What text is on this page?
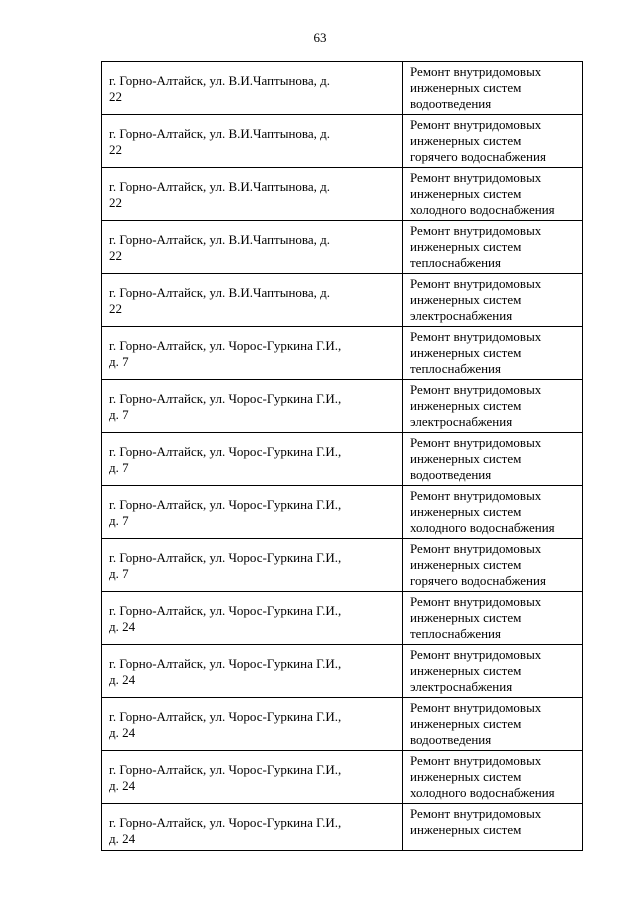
63
г. Горно-Алтайск, ул. В.И.Чаптынова, д.
22	Ремонт внутридомовых
инженерных систем
водоотведения

г. Горно-Алтайск, ул. В.И.Чаптынова, д.
22	Ремонт внутридомовых
инженерных систем
горячего водоснабжения

г. Горно-Алтайск, ул. В.И.Чаптынова, д.
22	Ремонт внутридомовых
инженерных систем
холодного водоснабжения

г. Горно-Алтайск, ул. В.И.Чаптынова, д.
22	Ремонт внутридомовых
инженерных систем
теплоснабжения

г. Горно-Алтайск, ул. В.И.Чаптынова, д.
22	Ремонт внутридомовых
инженерных систем
электроснабжения

г. Горно-Алтайск, ул. Чорос-Гуркина Г.И.,
д. 7	Ремонт внутридомовых
инженерных систем
теплоснабжения

г. Горно-Алтайск, ул. Чорос-Гуркина Г.И.,
д. 7	Ремонт внутридомовых
инженерных систем
электроснабжения

г. Горно-Алтайск, ул. Чорос-Гуркина Г.И.,
д. 7	Ремонт внутридомовых
инженерных систем
водоотведения

г. Горно-Алтайск, ул. Чорос-Гуркина Г.И.,
д. 7	Ремонт внутридомовых
инженерных систем
холодного водоснабжения

г. Горно-Алтайск, ул. Чорос-Гуркина Г.И.,
д. 7	Ремонт внутридомовых
инженерных систем
горячего водоснабжения

г. Горно-Алтайск, ул. Чорос-Гуркина Г.И.,
д. 24	Ремонт внутридомовых
инженерных систем
теплоснабжения

г. Горно-Алтайск, ул. Чорос-Гуркина Г.И.,
д. 24	Ремонт внутридомовых
инженерных систем
электроснабжения

г. Горно-Алтайск, ул. Чорос-Гуркина Г.И.,
д. 24	Ремонт внутридомовых
инженерных систем
водоотведения

г. Горно-Алтайск, ул. Чорос-Гуркина Г.И.,
д. 24	Ремонт внутридомовых
инженерных систем
холодного водоснабжения

г. Горно-Алтайск, ул. Чорос-Гуркина Г.И.,
д. 24	Ремонт внутридомовых
инженерных систем
